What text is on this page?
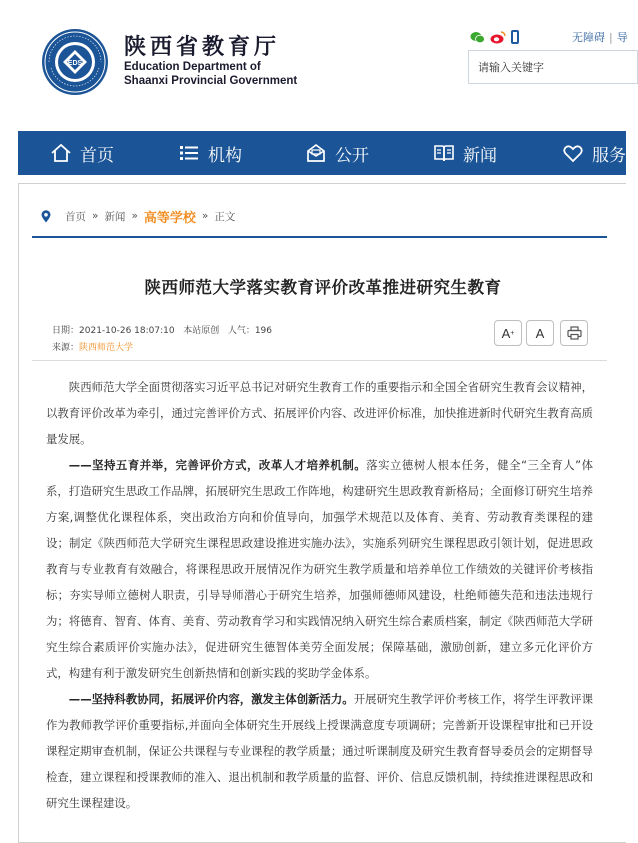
EDS
陕西省教育厅
Education Department of
Shaanxi Provincial Government
无障碍 | 导
请输入关键字
首页	机构	公开	新闻	服务
首页 » 新闻 » 高等学校 » 正文
陕西师范大学落实教育评价改革推进研究生教育
日期：2021-10-26 18:07:10 本站原创 人气：196
来源：陕西师范大学
A + A

陕西师范大学全面贯彻落实习近平总书记对研究生教育工作的重要指示和全国全省研究生教育会议精神，以教育评价改革为牵引，通过完善评价方式、拓展评价内容、改进评价标准，加快推进新时代研究生教育高质量发展。

——坚持五育并举，完善评价方式，改革人才培养机制。落实立德树人根本任务，健全“三全育人”体系，打造研究生思政工作品牌，拓展研究生思政工作阵地，构建研究生思政教育新格局；全面修订研究生培养方案,调整优化课程体系，突出政治方向和价值导向，加强学术规范以及体育、美育、劳动教育类课程的建设；制定《陕西师范大学研究生课程思政建设推进实施办法》，实施系列研究生课程思政引领计划，促进思政教育与专业教育有效融合，将课程思政开展情况作为研究生教学质量和培养单位工作绩效的关键评价考核指标；夯实导师立德树人职责，引导导师潜心于研究生培养，加强师德师风建设，杜绝师德失范和违法违规行为；将德育、智育、体育、美育、劳动教育学习和实践情况纳入研究生综合素质档案，制定《陕西师范大学研究生综合素质评价实施办法》，促进研究生德智体美劳全面发展；保障基础，激励创新，建立多元化评价方式，构建有利于激发研究生创新热情和创新实践的奖助学金体系。

——坚持科教协同，拓展评价内容，激发主体创新活力。开展研究生教学评价考核工作，将学生评教评课作为教师教学评价重要指标,并面向全体研究生开展线上授课满意度专项调研；完善新开设课程审批和已开设课程定期审查机制，保证公共课程与专业课程的教学质量；通过听课制度及研究生教育督导委员会的定期督导检查，建立课程和授课教师的准入、退出机制和教学质量的监督、评价、信息反馈机制，持续推进课程思政和研究生课程建设。
